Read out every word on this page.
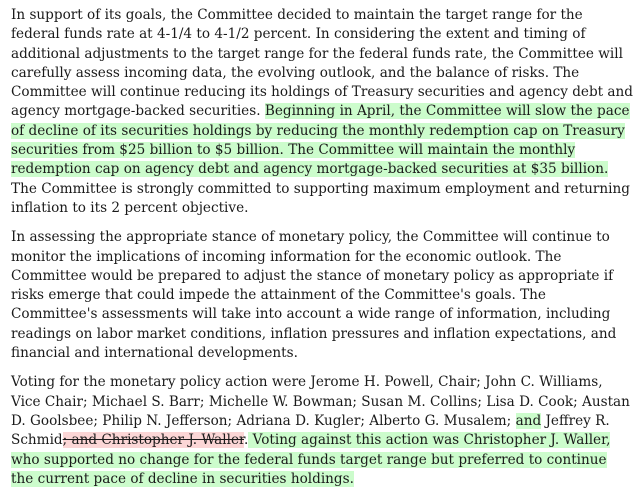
In support of its goals, the Committee decided to maintain the target range for the federal funds rate at 4-1/4 to 4-1/2 percent. In considering the extent and timing of additional adjustments to the target range for the federal funds rate, the Committee will carefully assess incoming data, the evolving outlook, and the balance of risks. The Committee will continue reducing its holdings of Treasury securities and agency debt and agency mortgage-backed securities. Beginning in April, the Committee will slow the pace of decline of its securities holdings by reducing the monthly redemption cap on Treasury securities from $25 billion to $5 billion. The Committee will maintain the monthly redemption cap on agency debt and agency mortgage-backed securities at $35 billion. The Committee is strongly committed to supporting maximum employment and returning inflation to its 2 percent objective.

In assessing the appropriate stance of monetary policy, the Committee will continue to monitor the implications of incoming information for the economic outlook. The Committee would be prepared to adjust the stance of monetary policy as appropriate if risks emerge that could impede the attainment of the Committee's goals. The Committee's assessments will take into account a wide range of information, including readings on labor market conditions, inflation pressures and inflation expectations, and financial and international developments.

Voting for the monetary policy action were Jerome H. Powell, Chair; John C. Williams, Vice Chair; Michael S. Barr; Michelle W. Bowman; Susan M. Collins; Lisa D. Cook; Austan D. Goolsbee; Philip N. Jefferson; Adriana D. Kugler; Alberto G. Musalem; and Jeffrey R. Schmid; and Christopher J. Waller. Voting against this action was Christopher J. Waller, who supported no change for the federal funds target range but preferred to continue the current pace of decline in securities holdings.
